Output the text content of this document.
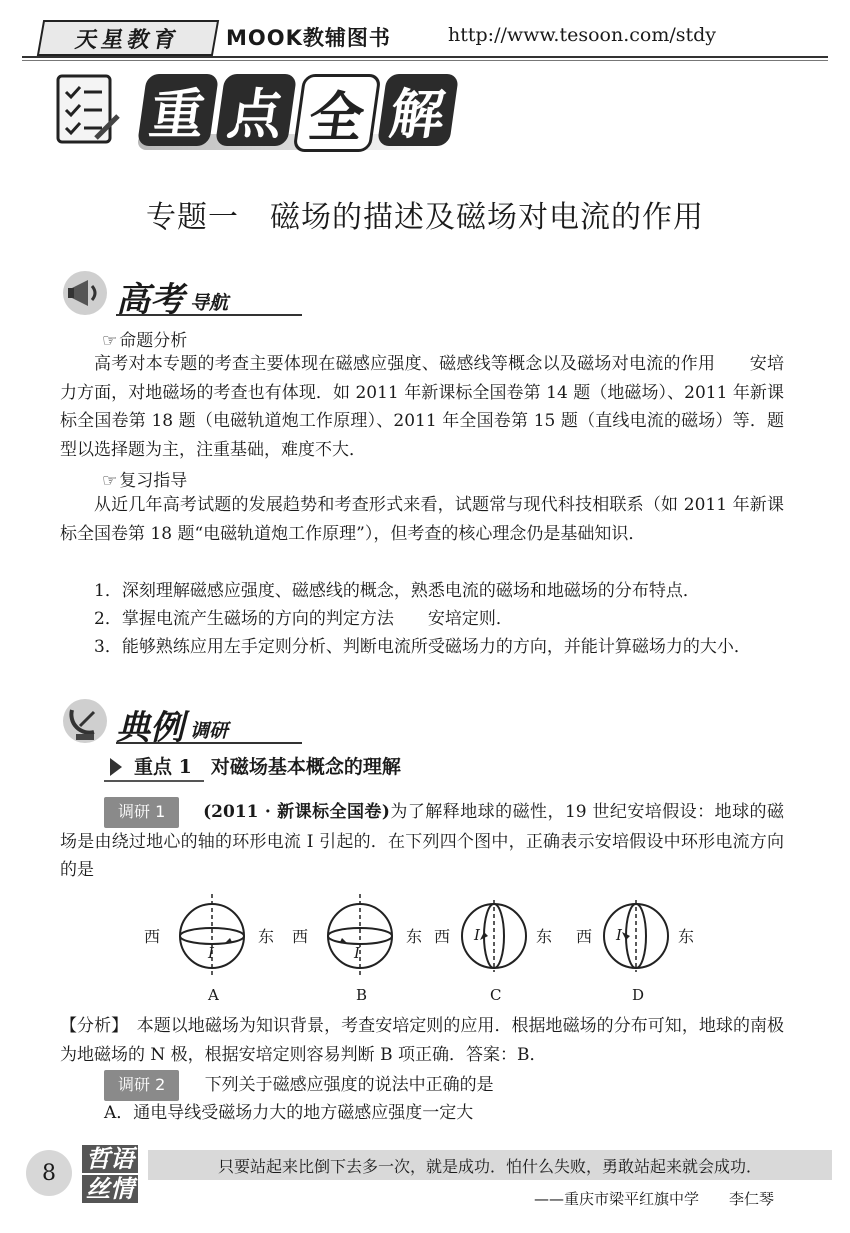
天星教育	MOOK教辅图书	http://www.tesoon.com/stdy
重 点 全 解
专题一　磁场的描述及磁场对电流的作用
高考 导航
☞ 命题分析
高考对本专题的考查主要体现在磁感应强度、磁感线等概念以及磁场对电流的作用　　安培力方面，对地磁场的考查也有体现．如 2011 年新课标全国卷第 14 题（地磁场）、2011 年新课标全国卷第 18 题（电磁轨道炮工作原理）、2011 年全国卷第 15 题（直线电流的磁场）等．题型以选择题为主，注重基础，难度不大．
☞ 复习指导
从近几年高考试题的发展趋势和考查形式来看，试题常与现代科技相联系（如 2011 年新课标全国卷第 18 题“电磁轨道炮工作原理”），但考查的核心理念仍是基础知识．
1．深刻理解磁感应强度、磁感线的概念，熟悉电流的磁场和地磁场的分布特点．
2．掌握电流产生磁场的方向的判定方法　　安培定则．
3．能够熟练应用左手定则分析、判断电流所受磁场力的方向，并能计算磁场力的大小．
典例 调研
重点 1　 对磁场基本概念的理解
调研 1 (2011 · 新课标全国卷)为了解释地球的磁性，19 世纪安培假设：地球的磁场是由绕过地心的轴的环形电流 I 引起的．在下列四个图中，正确表示安培假设中环形电流方向的是
西
I
东
A
西
I
东
B
西 I	东
C
西 I	东
D
【分析】　 本题以地磁场为知识背景，考查安培定则的应用．根据地磁场的分布可知，地球的南极为地磁场的 N 极，根据安培定则容易判断 B 项正确．答案：B．
调研 2 下列关于磁感应强度的说法中正确的是
A．通电导线受磁场力大的地方磁感应强度一定大
8	哲语
丝情
只要站起来比倒下去多一次，就是成功．怕什么失败，勇敢站起来就会成功．
——重庆市梁平红旗中学　　李仁琴
